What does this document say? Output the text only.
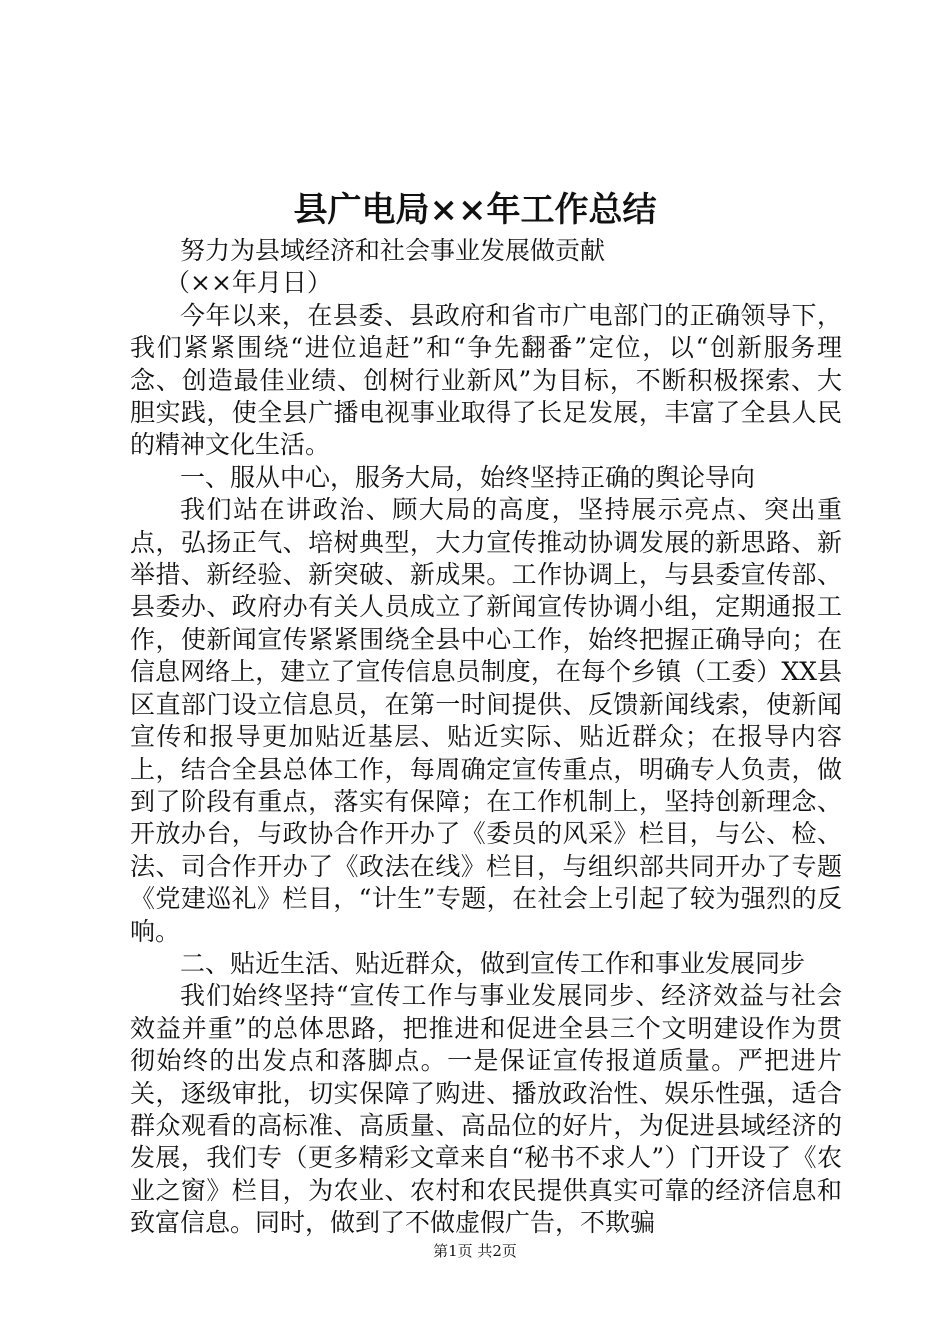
县广电局××年工作总结

努力为县域经济和社会事业发展做贡献

（××年月日）

今年以来，在县委、县政府和省市广电部门的正确领导下，我们紧紧围绕“进位追赶”和“争先翻番”定位，以“创新服务理念、创造最佳业绩、创树行业新风”为目标，不断积极探索、大胆实践，使全县广播电视事业取得了长足发展，丰富了全县人民的精神文化生活。

一、服从中心，服务大局，始终坚持正确的舆论导向

我们站在讲政治、顾大局的高度，坚持展示亮点、突出重点，弘扬正气、培树典型，大力宣传推动协调发展的新思路、新举措、新经验、新突破、新成果。工作协调上，与县委宣传部、县委办、政府办有关人员成立了新闻宣传协调小组，定期通报工作，使新闻宣传紧紧围绕全县中心工作，始终把握正确导向；在信息网络上，建立了宣传信息员制度，在每个乡镇（工委）XX县区直部门设立信息员，在第一时间提供、反馈新闻线索，使新闻宣传和报导更加贴近基层、贴近实际、贴近群众；在报导内容上，结合全县总体工作，每周确定宣传重点，明确专人负责，做到了阶段有重点，落实有保障；在工作机制上，坚持创新理念、开放办台，与政协合作开办了《委员的风采》栏目，与公、检、法、司合作开办了《政法在线》栏目，与组织部共同开办了专题《党建巡礼》栏目，“计生”专题，在社会上引起了较为强烈的反响。

二、贴近生活、贴近群众，做到宣传工作和事业发展同步

我们始终坚持“宣传工作与事业发展同步、经济效益与社会效益并重”的总体思路，把推进和促进全县三个文明建设作为贯彻始终的出发点和落脚点。一是保证宣传报道质量。严把进片关，逐级审批，切实保障了购进、播放政治性、娱乐性强，适合群众观看的高标准、高质量、高品位的好片，为促进县域经济的发展，我们专（更多精彩文章来自“秘书不求人”）门开设了《农业之窗》栏目，为农业、农村和农民提供真实可靠的经济信息和致富信息。同时，做到了不做虚假广告，不欺骗

第1页 共2页
